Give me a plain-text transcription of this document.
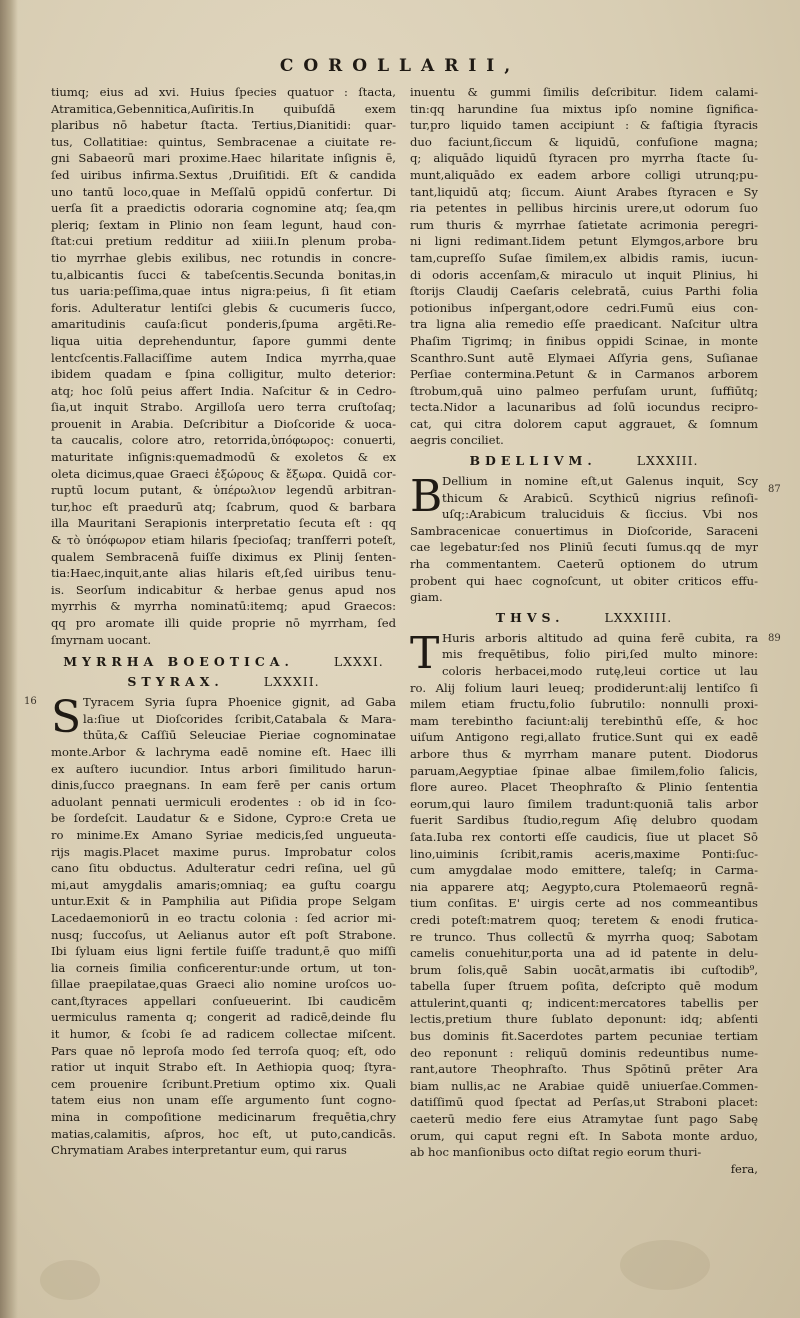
COROLLARII,
16
87
89
tiumq; eius ad xvi. Huius ſpecies quatuor : ſtacta,
Atramitica,Gebennitica,Auſiritis.In quibuſdā exem
plaribus nō habetur ſtacta. Tertius,Dianitidi: quar-
tus, Collatitiae: quintus, Sembracenae a ciuitate re-
gni Sabaeorū mari proxime.Haec hilaritate inſignis ē,
ſed uiribus infirma.Sextus ,Druiſitidi. Eſt & candida
uno tantū loco,quae in Meſſalū oppidū confertur. Di
uerſa ſit a praedictis odoraria cognomine atq; ſea,qm
pleriq; ſextam in Plinio non ſeam legunt, haud con-
ſtat:cui pretium redditur ad xiiii.In plenum proba-
tio myrrhae glebis exilibus, nec rotundis in concre-
tu,albicantis ſucci & tabeſcentis.Secunda bonitas,in
tus uaria:peſſima,quae intus nigra:peius, ſi ſit etiam
foris. Adulteratur lentiſci glebis & cucumeris ſucco,
amaritudinis cauſa:ſicut ponderis,ſpuma argēti.Re-
liqua uitia deprehenduntur, ſapore gummi dente
lentcſcentis.Fallaciſſime autem Indica myrrha,quae
ibidem quadam e ſpina colligitur, multo deterior:
atq; hoc ſolū peius affert India. Naſcitur & in Cedro-
ſia,ut inquit Strabo. Argilloſa uero terra cruſtoſaq;
prouenit in Arabia. Deſcribitur a Dioſcoride & uoca-
ta caucalis, colore atro, retorrida,ὑπόφωρος: conuerti,
maturitate inſignis:quemadmodū & exoletos & ex
oleta dicimus,quae Graeci ἐξώρους & ἔξωρα. Quidā cor-
ruptū locum putant, & ὑπέρωλιον legendū arbitran-
tur,hoc eſt praedurū atq; ſcabrum, quod & barbara
illa Mauritani Serapionis interpretatio ſecuta eſt : qq
& τὸ ὑπόφωρον etiam hilaris ſpecioſaq; tranſferri poteſt,
qualem Sembracenā fuiſſe diximus ex Plinij ſenten-
tia:Haec,inquit,ante alias hilaris eſt,ſed uiribus tenu-
is. Seorſum indicabitur & herbae genus apud nos
myrrhis & myrrha nominatū:itemq; apud Graecos:
qq pro aromate illi quide proprie nō myrrham, ſed
ſmyrnam uocant.
MYRRHA BOEOTICA.	LXXXI.
STYRAX.	LXXXII.
S Tyracem Syria ſupra Phoenice gignit, ad Gaba
la:ſiue ut Dioſcorides ſcribit,Catabala & Mara-
thūta,& Caſſiū Seleuciae Pieriae cognominatae
monte.Arbor & lachryma eadē nomine eſt. Haec illi
ex auſtero iucundior. Intus arbori ſimilitudo harun-
dinis,ſucco praegnans. In eam ferē per canis ortum
aduolant pennati uermiculi erodentes : ob id in ſco-
be ſordeſcit. Laudatur & e Sidone, Cypro:e Creta ue
ro minime.Ex Amano Syriae medicis,ſed ungueuta-
rijs magis.Placet maxime purus. Improbatur colos
cano ſitu obductus. Adulteratur cedri reſina, uel gū
mi,aut amygdalis amaris;omniaq; ea guſtu coargu
untur.Exit & in Pamphilia aut Piſidia prope Selgam
Lacedaemoniorū in eo tractu colonia : ſed acrior mi-
nusq; ſuccoſus, ut Aelianus autor eſt poſt Strabone.
Ibi ſyluam eius ligni fertile fuiſſe tradunt,ē quo miſſi
lia corneis ſimilia conficerentur:unde ortum, ut ton-
ſillae praepilatae,quas Graeci alio nomine uroſcos uo-
cant,ſtyraces appellari conſueuerint. Ibi caudicēm
uermiculus ramenta q; congerit ad radicē,deinde flu
it humor, & ſcobi ſe ad radicem collectae miſcent.
Pars quae nō leproſa modo ſed terroſa quoq; eſt, odo
ratior ut inquit Strabo eſt. In Aethiopia quoq; ſtyra-
cem prouenire ſcribunt.Pretium optimo xix. Quali
tatem eius non unam eſſe argumento ſunt cogno-
mina in compoſitione medicinarum frequētia,chry
matias,calamitis, aſpros, hoc eſt, ut puto,candicās.
Chrymatiam Arabes interpretantur eum, qui rarus
inuentu & gummi ſimilis deſcribitur. Iidem calami-
tin:qq harundine ſua mixtus ipſo nomine ſignifica-
tur,pro liquido tamen accipiunt : & faſtigia ſtyracis
duo faciunt,ſiccum & liquidū, confuſione magna;
q; aliquādo liquidū ſtyracen pro myrrha ſtacte ſu-
munt,aliquādo ex eadem arbore colligi utrunq;pu-
tant,liquidū atq; ſiccum. Aiunt Arabes ſtyracen e Sy
ria petentes in pellibus hircinis urere,ut odorum ſuo
rum thuris & myrrhae ſatietate acrimonia peregri-
ni ligni redimant.Iidem petunt Elymgos,arbore bru
tam,cupreſſo Suſae ſimilem,ex albidis ramis, iucun-
di odoris accenſam,& miraculo ut inquit Plinius, hi
ſtorijs Claudij Caeſaris celebratā, cuius Parthi folia
potionibus inſpergant,odore cedri.Fumū eius con-
tra ligna alia remedio eſſe praedicant. Naſcitur ultra
Phaſim Tigrimq; in finibus oppidi Scinae, in monte
Scanthro.Sunt autē Elymaei Aſſyria gens, Suſianae
Perſiae contermina.Petunt & in Carmanos arborem
ſtrobum,quā uino palmeo perfuſam urunt, ſuffiūtq;
tecta.Nidor a lacunaribus ad ſolū iocundus recipro-
cat, qui citra dolorem caput aggrauet, & ſomnum
aegris conciliet.
BDELLIVM.	LXXXIII.
B Dellium in nomine eſt,ut Galenus inquit, Scy
thicum & Arabicū. Scythicū nigrius reſinoſi-
uſq;:Arabicum traluciduis & ſiccius. Vbi nos
Sambracenicae conuertimus in Dioſcoride, Saraceni
cae legebatur:ſed nos Pliniū ſecuti ſumus.qq de myr
rha commentantem. Caeterū optionem do utrum
probent qui haec cognoſcunt, ut obiter criticos effu-
giam.
THVS.	LXXXIIII.
T Huris arboris altitudo ad quina ferē cubita, ra
mis frequētibus, folio piri,ſed multo minore:
coloris herbacei,modo rutę,leui cortice ut lau
ro. Alij folium lauri leueq; prodiderunt:alij lentiſco ſi
milem etiam fructu,folio ſubrutilo: nonnulli proxi-
mam terebintho faciunt:alij terebinthū eſſe, & hoc
uiſum Antigono regi,allato frutice.Sunt qui ex eadē
arbore thus & myrrham manare putent. Diodorus
paruam,Aegyptiae ſpinae albae ſimilem,folio ſalicis,
flore aureo. Placet Theophraſto & Plinio ſententia
eorum,qui lauro ſimilem tradunt:quoniā talis arbor
fuerit Sardibus ſtudio,regum Aſię delubro quodam
ſata.Iuba rex contorti eſſe caudicis, ſiue ut placet Sō
lino,uiminis ſcribit,ramis aceris,maxime Ponti:ſuc-
cum amygdalae modo emittere, taleſq; in Carma-
nia apparere atq; Aegypto,cura Ptolemaeorū regnā-
tium conſitas. E' uirgis certe ad nos commeantibus
credi poteſt:matrem quoq; teretem & enodi frutica-
re trunco. Thus collectū & myrrha quoq; Sabotam
camelis conuehitur,porta una ad id patente in delu-
brum ſolis,quē Sabin uocāt,armatis ibi cuſtodib⁹,
tabella ſuper ſtruem poſita, deſcripto quē modum
attulerint,quanti q; indicent:mercatores tabellis per
lectis,pretium thure ſublato deponunt: idq; abſenti
bus dominis fit.Sacerdotes partem pecuniae tertiam
deo reponunt : reliquū dominis redeuntibus nume-
rant,autore Theophraſto. Thus Spōtinū prēter Ara
biam nullis,ac ne Arabiae quidē uniuerſae.Commen-
datiſſimū quod ſpectat ad Perſas,ut Straboni placet:
caeterū medio fere eius Atramytae ſunt pago Sabę
orum, qui caput regni eſt. In Sabota monte arduo,
ab hoc manſionibus octo diſtat regio eorum thuri-
fera,
